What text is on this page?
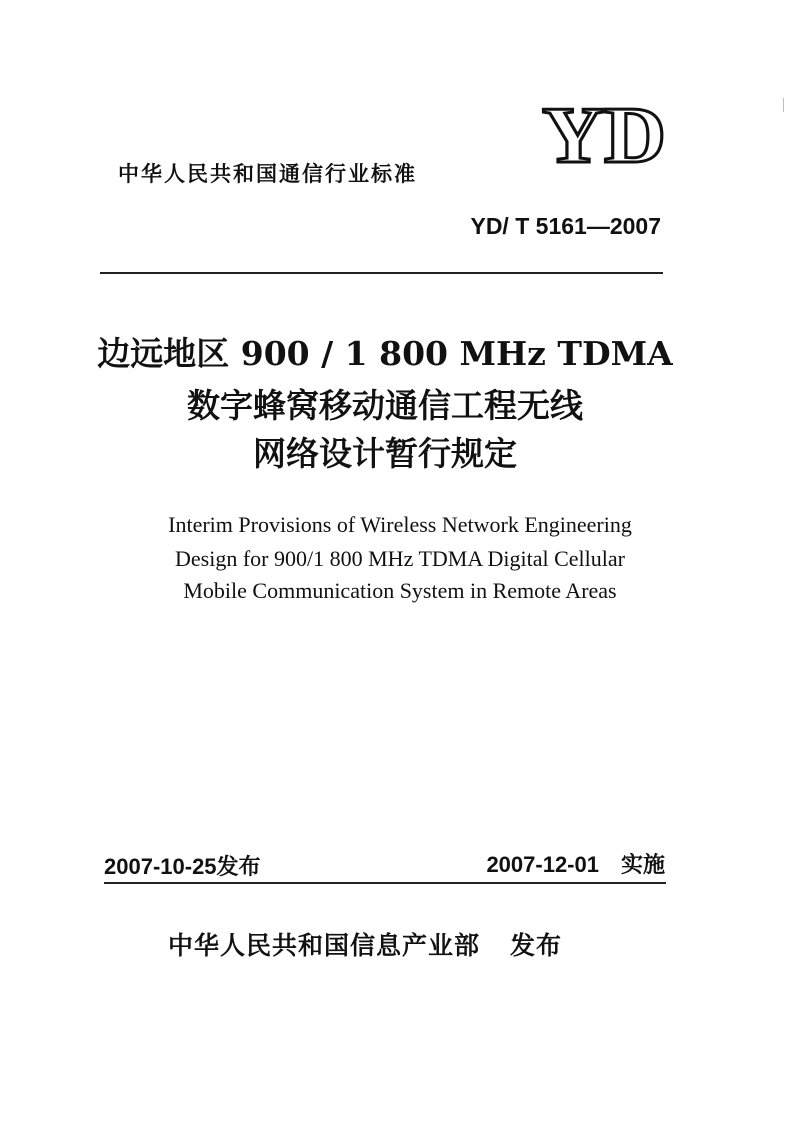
YD
中华人民共和国通信行业标准
YD/ T 5161—2007
边远地区 900 / 1 800 MHz TDMA
数字蜂窝移动通信工程无线
网络设计暂行规定
Interim Provisions of Wireless Network Engineering
Design for 900/1 800 MHz TDMA Digital Cellular
Mobile Communication System in Remote Areas
2007-10-25发布	2007-12-01 实施
中华人民共和国信息产业部 发布
